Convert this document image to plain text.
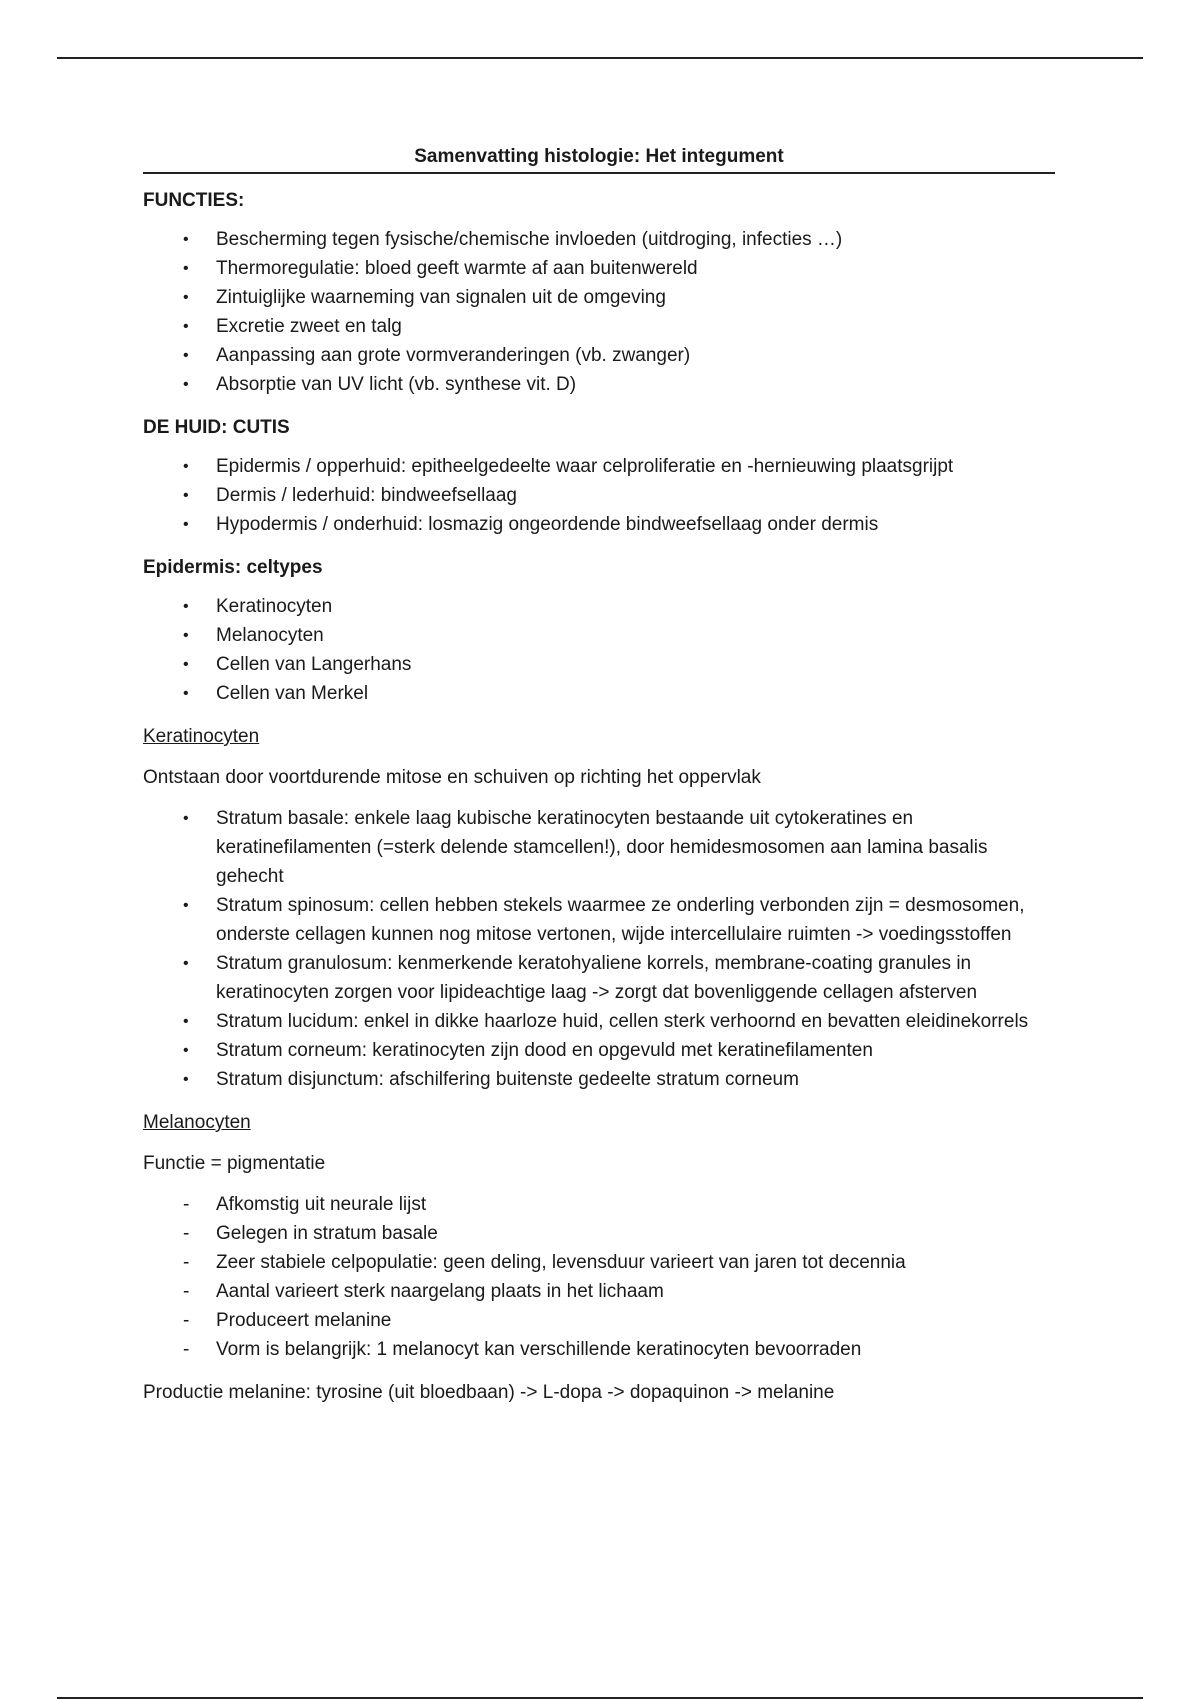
Samenvatting histologie: Het integument
FUNCTIES:
•	Bescherming tegen fysische/chemische invloeden (uitdroging, infecties …)
•	Thermoregulatie: bloed geeft warmte af aan buitenwereld
•	Zintuiglijke waarneming van signalen uit de omgeving
•	Excretie zweet en talg
•	Aanpassing aan grote vormveranderingen (vb. zwanger)
•	Absorptie van UV licht (vb. synthese vit. D)
DE HUID: CUTIS
•	Epidermis / opperhuid: epitheelgedeelte waar celproliferatie en -hernieuwing plaatsgrijpt
•	Dermis / lederhuid: bindweefsellaag
•	Hypodermis / onderhuid: losmazig ongeordende bindweefsellaag onder dermis
Epidermis: celtypes
•	Keratinocyten
•	Melanocyten
•	Cellen van Langerhans
•	Cellen van Merkel
Keratinocyten
Ontstaan door voortdurende mitose en schuiven op richting het oppervlak
•	Stratum basale: enkele laag kubische keratinocyten bestaande uit cytokeratines en keratinefilamenten (=sterk delende stamcellen!), door hemidesmosomen aan lamina basalis gehecht
•	Stratum spinosum: cellen hebben stekels waarmee ze onderling verbonden zijn = desmosomen, onderste cellagen kunnen nog mitose vertonen, wijde intercellulaire ruimten -> voedingsstoffen
•	Stratum granulosum: kenmerkende keratohyaliene korrels, membrane-coating granules in keratinocyten zorgen voor lipideachtige laag -> zorgt dat bovenliggende cellagen afsterven
•	Stratum lucidum: enkel in dikke haarloze huid, cellen sterk verhoornd en bevatten eleidinekorrels
•	Stratum corneum: keratinocyten zijn dood en opgevuld met keratinefilamenten
•	Stratum disjunctum: afschilfering buitenste gedeelte stratum corneum
Melanocyten
Functie = pigmentatie
-	Afkomstig uit neurale lijst
-	Gelegen in stratum basale
-	Zeer stabiele celpopulatie: geen deling, levensduur varieert van jaren tot decennia
-	Aantal varieert sterk naargelang plaats in het lichaam
-	Produceert melanine
-	Vorm is belangrijk: 1 melanocyt kan verschillende keratinocyten bevoorraden
Productie melanine: tyrosine (uit bloedbaan) -> L-dopa -> dopaquinon -> melanine
